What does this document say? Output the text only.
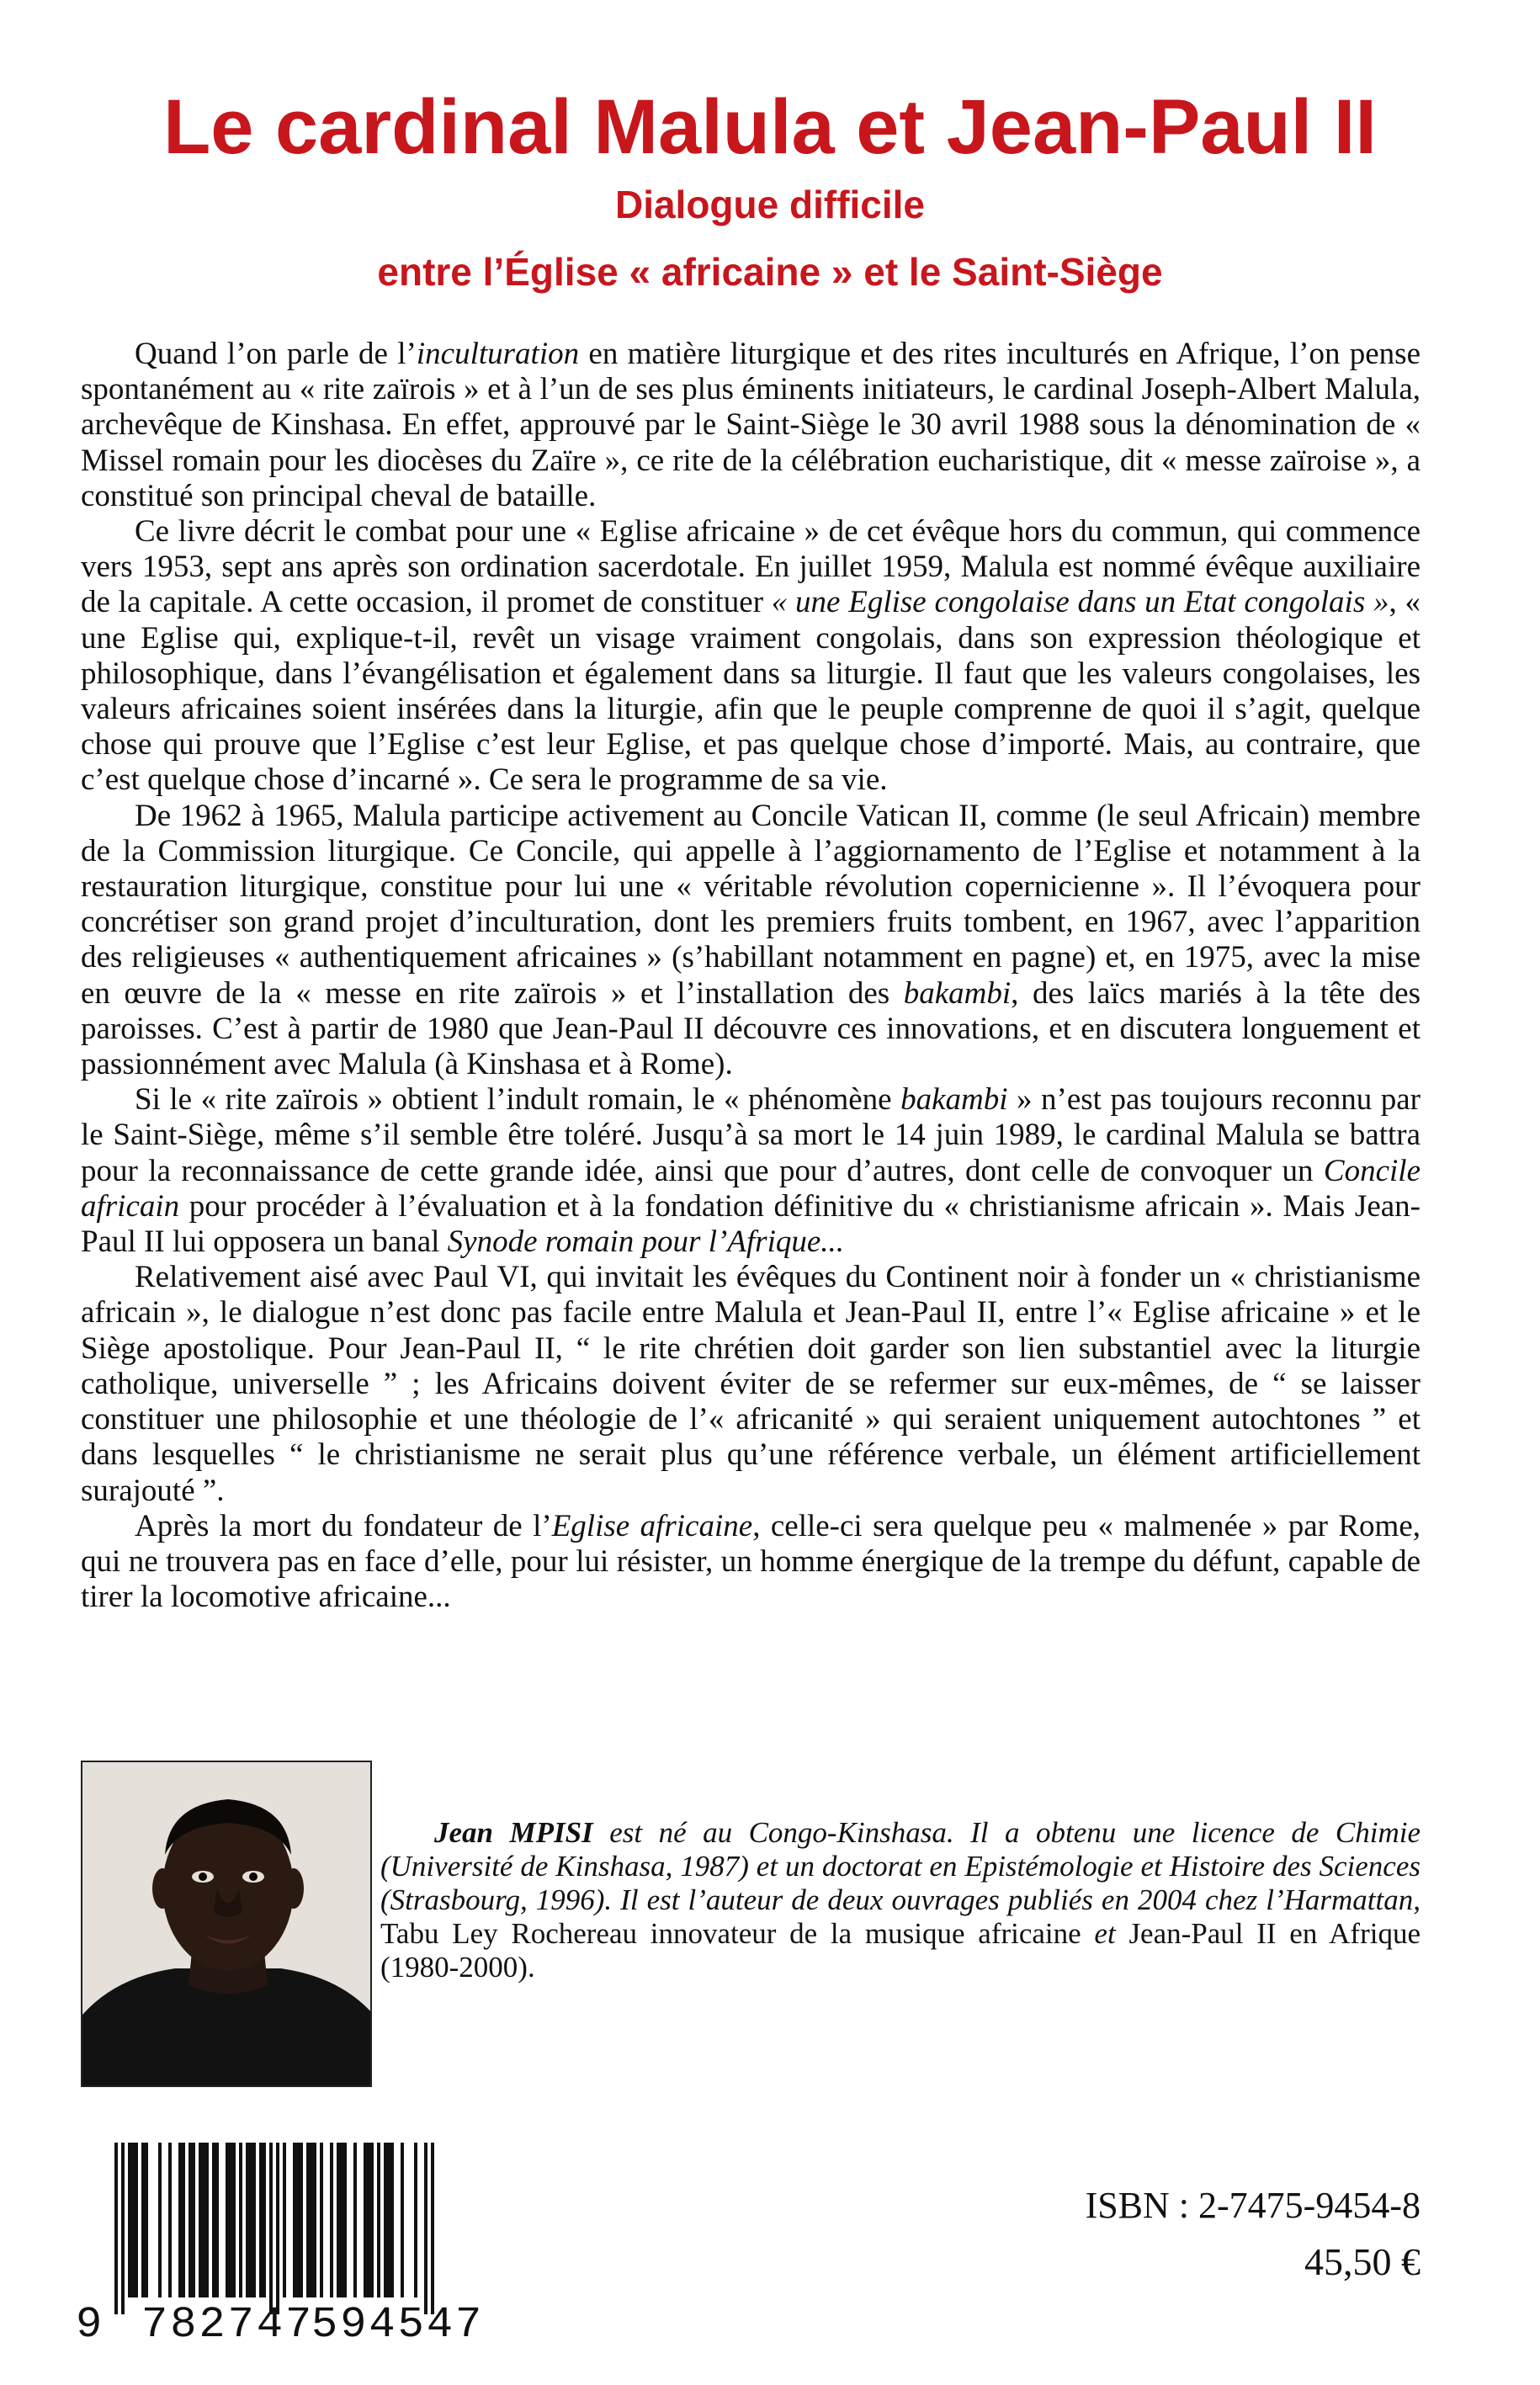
Le cardinal Malula et Jean-Paul II
Dialogue difficile
entre l’Église « africaine » et le Saint-Siège

Quand l’on parle de l’inculturation en matière liturgique et des rites inculturés en Afrique, l’on pense spontanément au « rite zaïrois » et à l’un de ses plus éminents initiateurs, le cardinal Joseph-Albert Malula, archevêque de Kinshasa. En effet, approuvé par le Saint-Siège le 30 avril 1988 sous la dénomination de « Missel romain pour les diocèses du Zaïre », ce rite de la célébration eucharistique, dit « messe zaïroise », a constitué son principal cheval de bataille.

Ce livre décrit le combat pour une « Eglise africaine » de cet évêque hors du commun, qui commence vers 1953, sept ans après son ordination sacerdotale. En juillet 1959, Malula est nommé évêque auxiliaire de la capitale. A cette occasion, il promet de constituer « une Eglise congolaise dans un Etat congolais », « une Eglise qui, explique-t-il, revêt un visage vraiment congolais, dans son expression théologique et philosophique, dans l’évangélisation et également dans sa liturgie. Il faut que les valeurs congolaises, les valeurs africaines soient insérées dans la liturgie, afin que le peuple comprenne de quoi il s’agit, quelque chose qui prouve que l’Eglise c’est leur Eglise, et pas quelque chose d’importé. Mais, au contraire, que c’est quelque chose d’incarné ». Ce sera le programme de sa vie.

De 1962 à 1965, Malula participe activement au Concile Vatican II, comme (le seul Africain) membre de la Commission liturgique. Ce Concile, qui appelle à l’aggiornamento de l’Eglise et notamment à la restauration liturgique, constitue pour lui une « véritable révolution copernicienne ». Il l’évoquera pour concrétiser son grand projet d’inculturation, dont les premiers fruits tombent, en 1967, avec l’apparition des religieuses « authentiquement africaines » (s’habillant notamment en pagne) et, en 1975, avec la mise en œuvre de la « messe en rite zaïrois » et l’installation des bakambi, des laïcs mariés à la tête des paroisses. C’est à partir de 1980 que Jean-Paul II découvre ces innovations, et en discutera longuement et passionnément avec Malula (à Kinshasa et à Rome).

Si le « rite zaïrois » obtient l’indult romain, le « phénomène bakambi » n’est pas toujours reconnu par le Saint-Siège, même s’il semble être toléré. Jusqu’à sa mort le 14 juin 1989, le cardinal Malula se battra pour la reconnaissance de cette grande idée, ainsi que pour d’autres, dont celle de convoquer un Concile africain pour procéder à l’évaluation et à la fondation définitive du « christianisme africain ». Mais Jean-Paul II lui opposera un banal Synode romain pour l’Afrique...

Relativement aisé avec Paul VI, qui invitait les évêques du Continent noir à fonder un « christianisme africain », le dialogue n’est donc pas facile entre Malula et Jean-Paul II, entre l’« Eglise africaine » et le Siège apostolique. Pour Jean-Paul II, “ le rite chrétien doit garder son lien substantiel avec la liturgie catholique, universelle ” ; les Africains doivent éviter de se refermer sur eux-mêmes, de “ se laisser constituer une philosophie et une théologie de l’« africanité » qui seraient uniquement autochtones ” et dans lesquelles “ le christianisme ne serait plus qu’une référence verbale, un élément artificiellement surajouté ”.

Après la mort du fondateur de l’Eglise africaine, celle-ci sera quelque peu « malmenée » par Rome, qui ne trouvera pas en face d’elle, pour lui résister, un homme énergique de la trempe du défunt, capable de tirer la locomotive africaine...

Jean MPISI est né au Congo-Kinshasa. Il a obtenu une licence de Chimie (Université de Kinshasa, 1987) et un doctorat en Epistémologie et Histoire des Sciences (Strasbourg, 1996). Il est l’auteur de deux ouvrages publiés en 2004 chez l’Harmattan, Tabu Ley Rochereau innovateur de la musique africaine et Jean-Paul II en Afrique (1980-2000).

9 782747
594547
ISBN : 2-7475-9454-8
45,50 €
